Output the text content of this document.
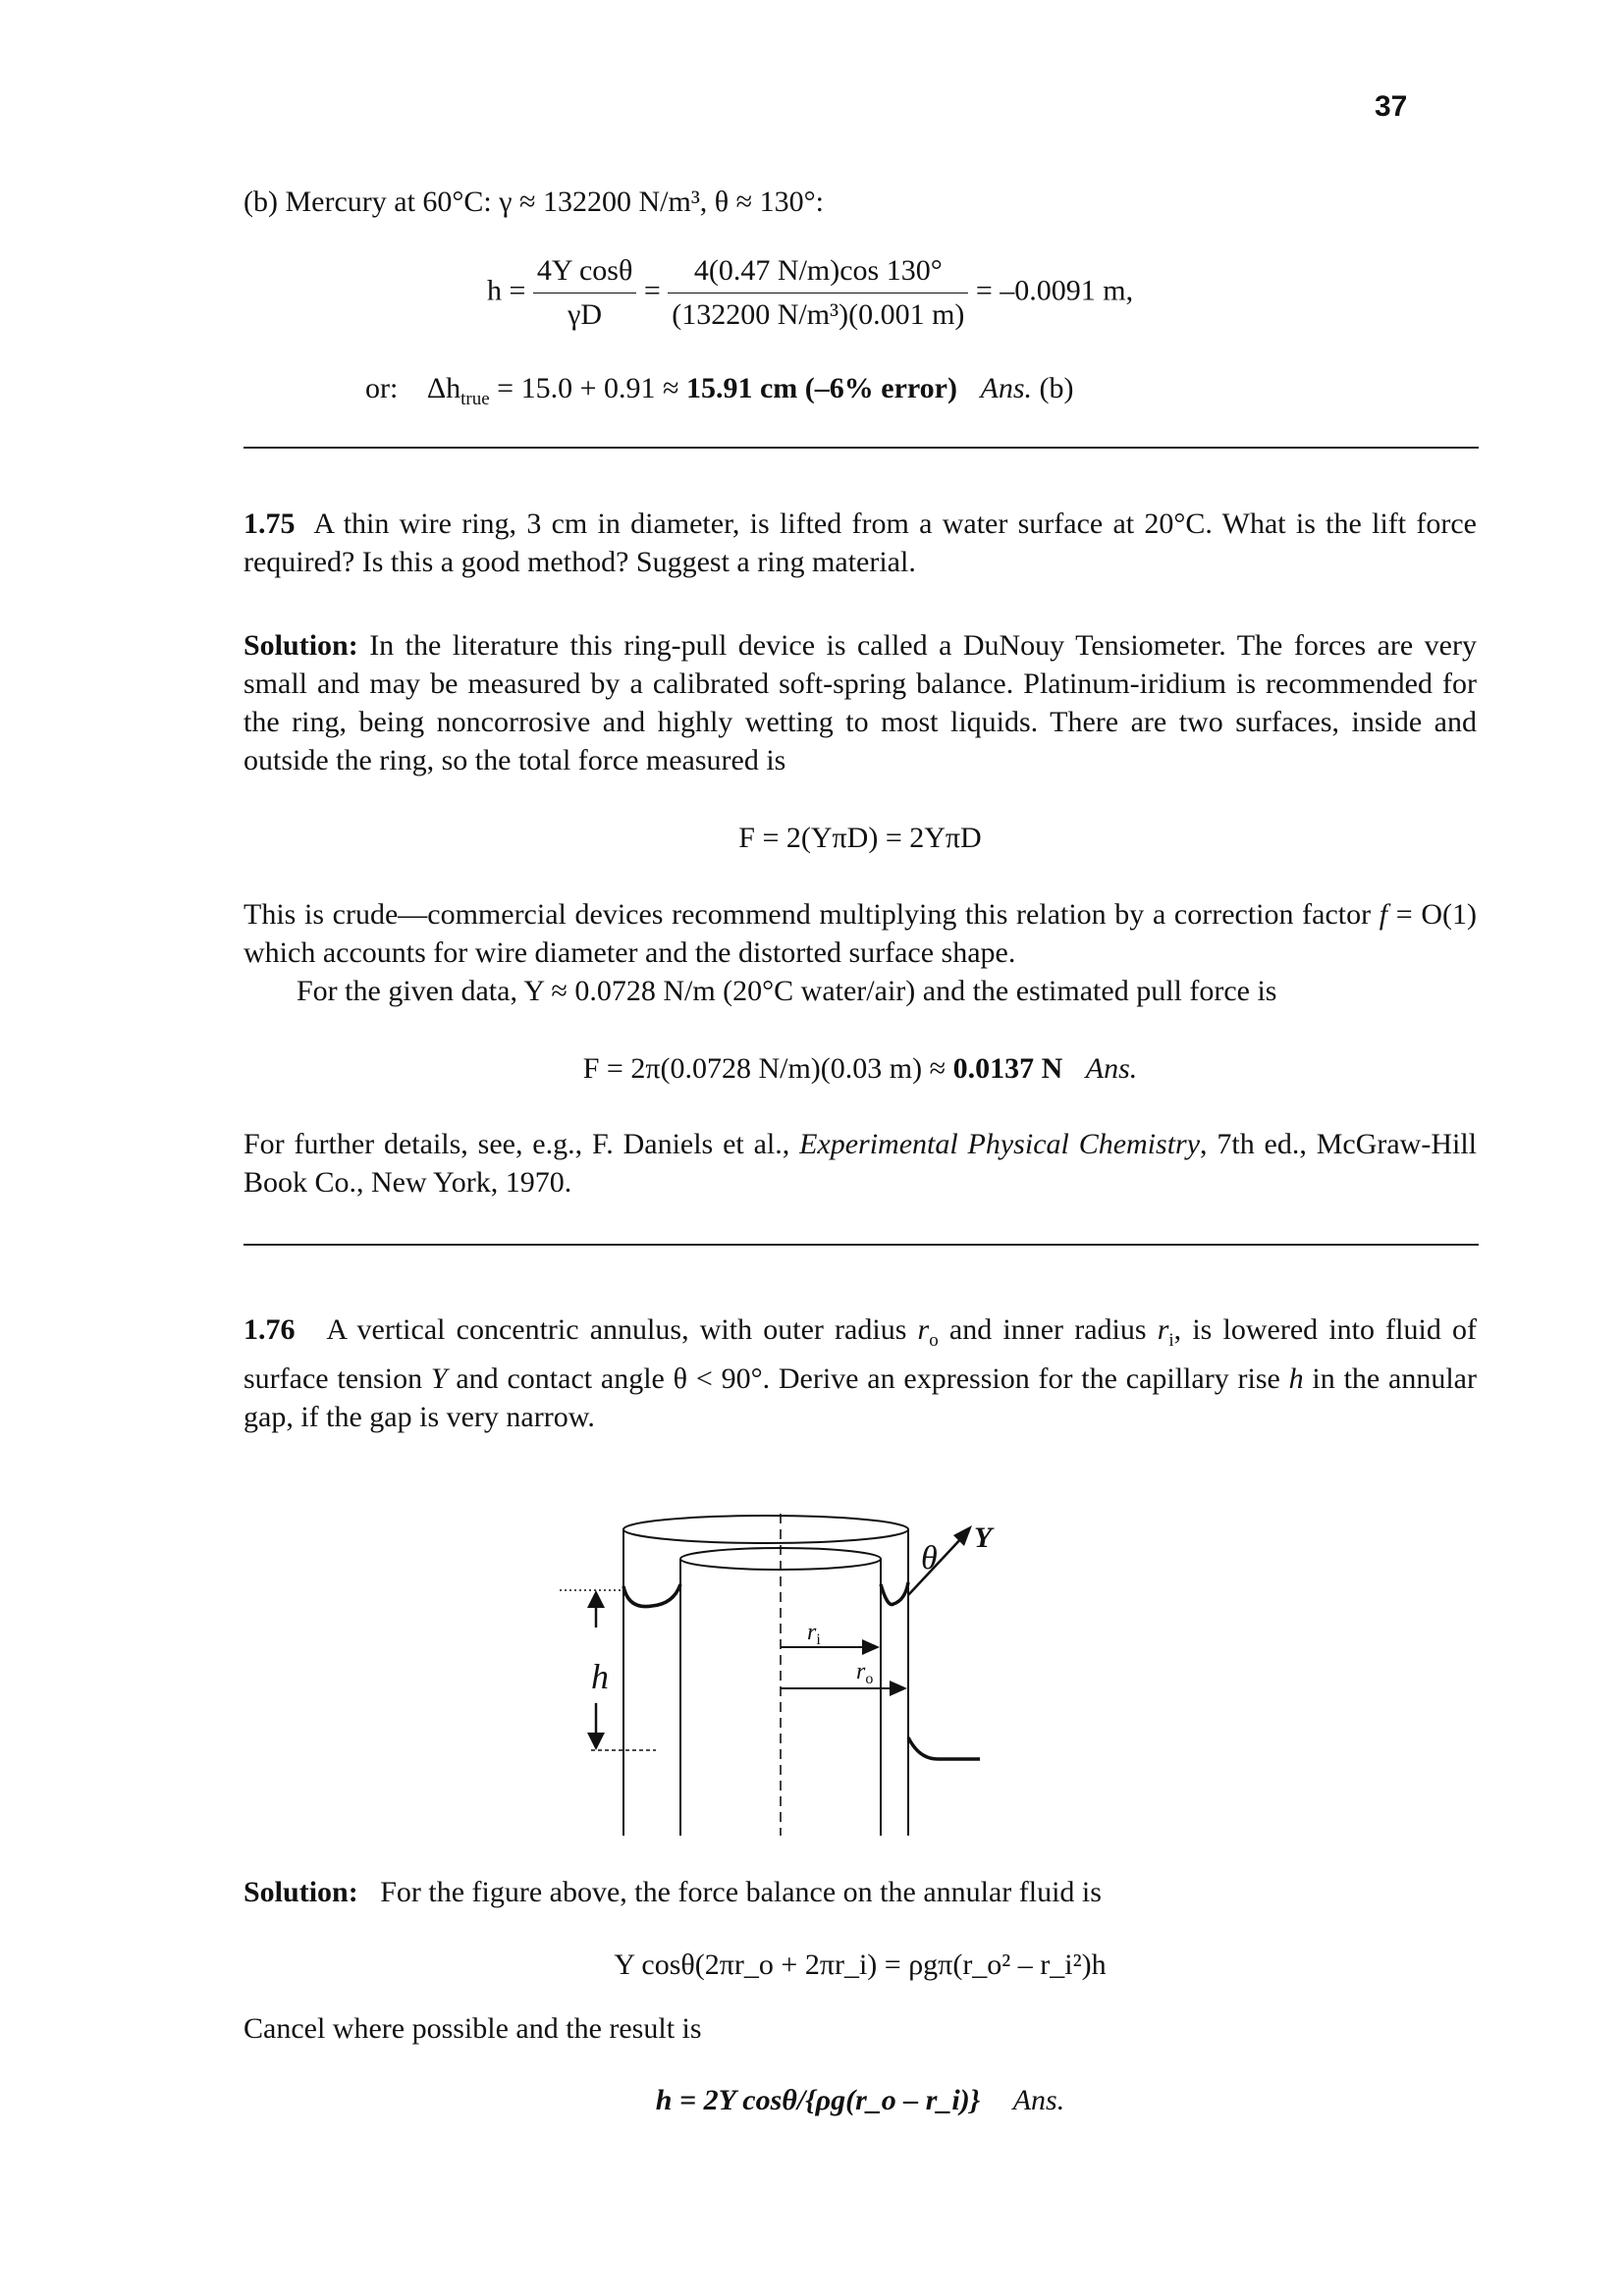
37
(b) Mercury at 60°C: γ ≈ 132200 N/m³, θ ≈ 130°:
$h = \frac{\text{4Y cosθ}}{\gamma D} = \frac{4(0.47 N/m)\cos 130^\circ}{\text{(132200 N/m³)(0.001 m)}} = -0.0091$ m,
or: $\Delta h_{true} = 15.0 + 0.91 \approx 15.91$ cm (–6% error) Ans. (b)
1.75 A thin wire ring, 3 cm in diameter, is lifted from a water surface at 20°C. What is the lift force required? Is this a good method? Suggest a ring material.
Solution: In the literature this ring-pull device is called a DuNouy Tensiometer. The forces are very small and may be measured by a calibrated soft-spring balance. Platinum-iridium is recommended for the ring, being noncorrosive and highly wetting to most liquids. There are two surfaces, inside and outside the ring, so the total force measured is
F = 2(YπD) = 2YπD
This is crude—commercial devices recommend multiplying this relation by a correction factor f = O(1) which accounts for wire diameter and the distorted surface shape.
For the given data, Y ≈ 0.0728 N/m (20°C water/air) and the estimated pull force is
F = 2π(0.0728 N/m)(0.03 m) ≈ 0.0137 N Ans.
For further details, see, e.g., F. Daniels et al., Experimental Physical Chemistry, 7th ed., McGraw-Hill Book Co., New York, 1970.
1.76 A vertical concentric annulus, with outer radius $r_o$ and inner radius $r_i$, is lowered into fluid of surface tension Y and contact angle θ < 90°. Derive an expression for the capillary rise h in the annular gap, if the gap is very narrow.
θ
Y
$r_i$
$r_o$
h
Solution: For the figure above, the force balance on the annular fluid is
Y cosθ(2πr_o + 2πr_i) = ρgπ(r_o² – r_i²)h
Cancel where possible and the result is
h = 2Y cosθ/{ρg(r_o – r_i)} Ans.
